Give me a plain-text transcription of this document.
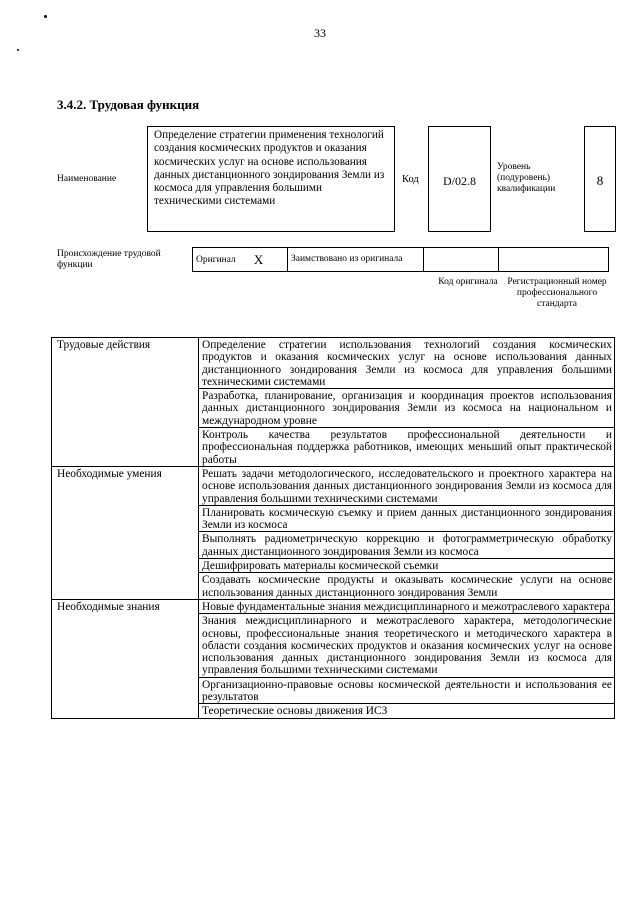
33
3.4.2. Трудовая функция
Наименование
Определение стратегии применения технологий создания космических продуктов и оказания космических услуг на основе использования данных дистанционного зондирования Земли из космоса для управления большими техническими системами
Код	D/02.8
Уровень (подуровень) квалификации
8
Происхождение трудовой функции
Оригинал X	Заимствовано из оригинала		
Код оригинала Регистрационный номер профессионального стандарта
Трудовые действия	Определение стратегии использования технологий создания космических продуктов и оказания космических услуг на основе использования данных дистанционного зондирования Земли из космоса для управления большими техническими системами
	Разработка, планирование, организация и координация проектов использования данных дистанционного зондирования Земли из космоса на национальном и международном уровне
	Контроль качества результатов профессиональной деятельности и профессиональная поддержка работников, имеющих меньший опыт практической работы
Необходимые умения	Решать задачи методологического, исследовательского и проектного характера на основе использования данных дистанционного зондирования Земли из космоса для управления большими техническими системами
	Планировать космическую съемку и прием данных дистанционного зондирования Земли из космоса
	Выполнять радиометрическую коррекцию и фотограмметрическую обработку данных дистанционного зондирования Земли из космоса
	Дешифрировать материалы космической съемки
	Создавать космические продукты и оказывать космические услуги на основе использования данных дистанционного зондирования Земли
Необходимые знания	Новые фундаментальные знания междисциплинарного и межотраслевого характера
	Знания междисциплинарного и межотраслевого характера, методологические основы, профессиональные знания теоретического и методического характера в области создания космических продуктов и оказания космических услуг на основе использования данных дистанционного зондирования Земли из космоса для управления большими техническими системами
	Организационно-правовые основы космической деятельности и использования ее результатов
	Теоретические основы движения ИСЗ
